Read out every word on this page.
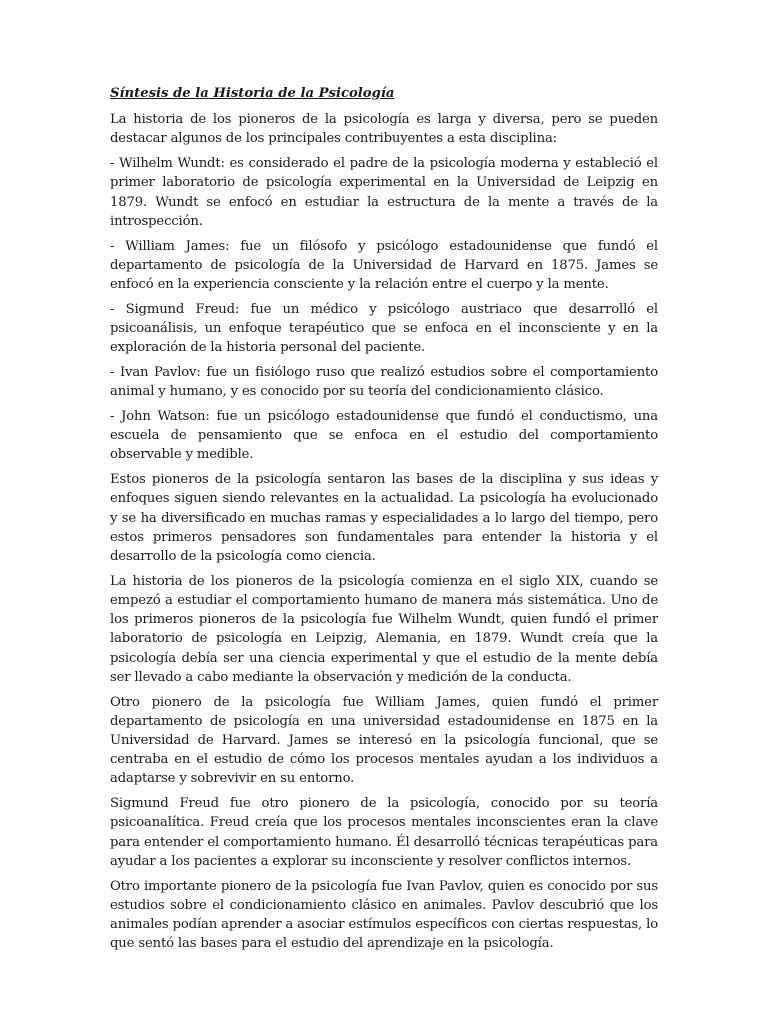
Síntesis de la Historia de la Psicología

La historia de los pioneros de la psicología es larga y diversa, pero se pueden destacar algunos de los principales contribuyentes a esta disciplina:

- Wilhelm Wundt: es considerado el padre de la psicología moderna y estableció el primer laboratorio de psicología experimental en la Universidad de Leipzig en 1879. Wundt se enfocó en estudiar la estructura de la mente a través de la introspección.

- William James: fue un filósofo y psicólogo estadounidense que fundó el departamento de psicología de la Universidad de Harvard en 1875. James se enfocó en la experiencia consciente y la relación entre el cuerpo y la mente.

- Sigmund Freud: fue un médico y psicólogo austriaco que desarrolló el psicoanálisis, un enfoque terapéutico que se enfoca en el inconsciente y en la exploración de la historia personal del paciente.

- Ivan Pavlov: fue un fisiólogo ruso que realizó estudios sobre el comportamiento animal y humano, y es conocido por su teoría del condicionamiento clásico.

- John Watson: fue un psicólogo estadounidense que fundó el conductismo, una escuela de pensamiento que se enfoca en el estudio del comportamiento observable y medible.

Estos pioneros de la psicología sentaron las bases de la disciplina y sus ideas y enfoques siguen siendo relevantes en la actualidad. La psicología ha evolucionado y se ha diversificado en muchas ramas y especialidades a lo largo del tiempo, pero estos primeros pensadores son fundamentales para entender la historia y el desarrollo de la psicología como ciencia.

La historia de los pioneros de la psicología comienza en el siglo XIX, cuando se empezó a estudiar el comportamiento humano de manera más sistemática. Uno de los primeros pioneros de la psicología fue Wilhelm Wundt, quien fundó el primer laboratorio de psicología en Leipzig, Alemania, en 1879. Wundt creía que la psicología debía ser una ciencia experimental y que el estudio de la mente debía ser llevado a cabo mediante la observación y medición de la conducta.

Otro pionero de la psicología fue William James, quien fundó el primer departamento de psicología en una universidad estadounidense en 1875 en la Universidad de Harvard. James se interesó en la psicología funcional, que se centraba en el estudio de cómo los procesos mentales ayudan a los individuos a adaptarse y sobrevivir en su entorno.

Sigmund Freud fue otro pionero de la psicología, conocido por su teoría psicoanalítica. Freud creía que los procesos mentales inconscientes eran la clave para entender el comportamiento humano. Él desarrolló técnicas terapéuticas para ayudar a los pacientes a explorar su inconsciente y resolver conflictos internos.

Otro importante pionero de la psicología fue Ivan Pavlov, quien es conocido por sus estudios sobre el condicionamiento clásico en animales. Pavlov descubrió que los animales podían aprender a asociar estímulos específicos con ciertas respuestas, lo que sentó las bases para el estudio del aprendizaje en la psicología.
